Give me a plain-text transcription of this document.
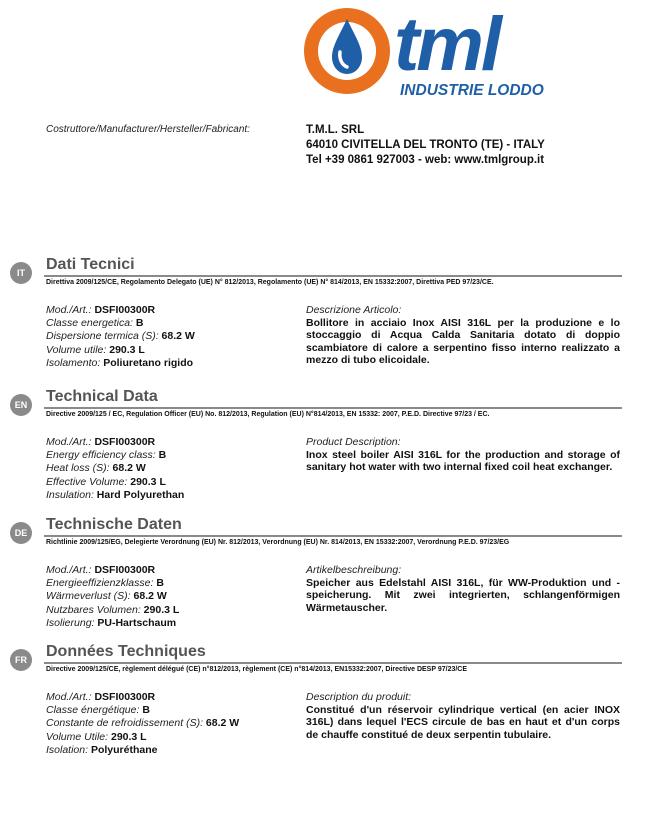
tml
INDUSTRIE LODDO
Costruttore/Manufacturer/Hersteller/Fabricant:	T.M.L. SRL
64010 CIVITELLA DEL TRONTO (TE) - ITALY
Tel +39 0861 927003 - web: www.tmlgroup.it
IT	Dati Tecnici
Direttiva 2009/125/CE, Regolamento Delegato (UE) N° 812/2013, Regolamento (UE) N° 814/2013, EN 15332:2007, Direttiva PED 97/23/CE.
Mod./Art.: DSFI00300R
Classe energetica: B
Dispersione termica (S): 68.2 W
Volume utile: 290.3 L
Isolamento: Poliuretano rigido
Descrizione Articolo:
Bollitore in acciaio Inox AISI 316L per la produzione e lo stoccaggio di Acqua Calda Sanitaria dotato di doppio scambiatore di calore a serpentino fisso interno realizzato a mezzo di tubo elicoidale.
EN Technical Data
Directive 2009/125 / EC, Regulation Officer (EU) No. 812/2013, Regulation (EU) N°814/2013, EN 15332: 2007, P.E.D. Directive 97/23 / EC.
Mod./Art.: DSFI00300R
Energy efficiency class: B
Heat loss (S): 68.2 W
Effective Volume: 290.3 L
Insulation: Hard Polyurethan
Product Description:
Inox steel boiler AISI 316L for the production and storage of sanitary hot water with two internal fixed coil heat exchanger.
DE Technische Daten
Richtlinie 2009/125/EG, Delegierte Verordnung (EU) Nr. 812/2013, Verordnung (EU) Nr. 814/2013, EN 15332:2007, Verordnung P.E.D. 97/23/EG
Mod./Art.: DSFI00300R
Energieeffizienzklasse: B
Wärmeverlust (S): 68.2 W
Nutzbares Volumen: 290.3 L
Isolierung: PU-Hartschaum
Artikelbeschreibung:
Speicher aus Edelstahl AISI 316L, für WW-Produktion und -speicherung. Mit zwei integrierten, schlangenförmigen Wärmetauscher.
FR	Données Techniques
Directive 2009/125/CE, règlement délégué (CE) n°812/2013, règlement (CE) n°814/2013, EN15332:2007, Directive DESP 97/23/CE
Mod./Art.: DSFI00300R
Classe énergétique: B
Constante de refroidissement (S): 68.2 W
Volume Utile: 290.3 L
Isolation: Polyuréthane
Description du produit:
Constitué d'un réservoir cylindrique vertical (en acier INOX 316L) dans lequel l'ECS circule de bas en haut et d'un corps de chauffe constitué de deux serpentin tubulaire.
